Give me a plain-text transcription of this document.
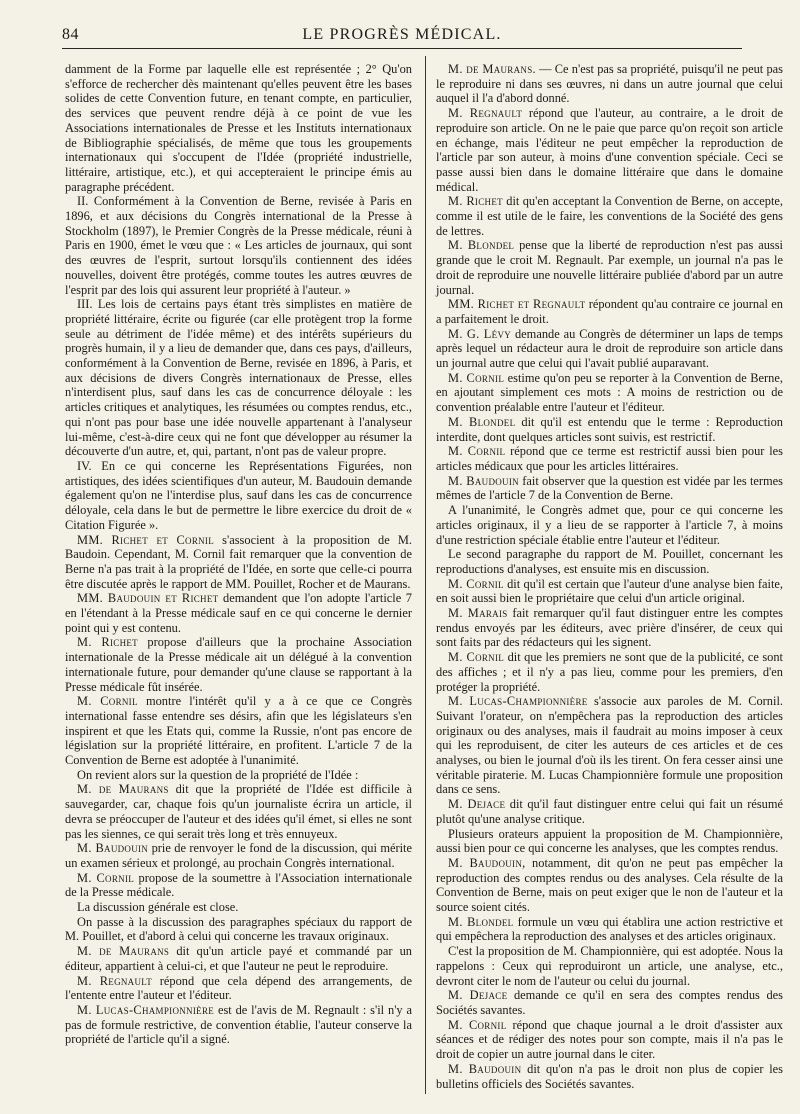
84	LE PROGRÈS MÉDICAL.

damment de la Forme par laquelle elle est représentée ; 2° Qu'on s'efforce de rechercher dès maintenant qu'elles peuvent être les bases solides de cette Convention future, en tenant compte, en particulier, des services que peuvent rendre déjà à ce point de vue les Associations internationales de Presse et les Instituts internationaux de Bibliographie spécialisés, de même que tous les groupements internationaux qui s'occupent de l'Idée (propriété industrielle, littéraire, artistique, etc.), et qui accepteraient le principe émis au paragraphe précédent.

II. Conformément à la Convention de Berne, revisée à Paris en 1896, et aux décisions du Congrès international de la Presse à Stockholm (1897), le Premier Congrès de la Presse médicale, réuni à Paris en 1900, émet le vœu que : « Les articles de journaux, qui sont des œuvres de l'esprit, surtout lorsqu'ils contiennent des idées nouvelles, doivent être protégés, comme toutes les autres œuvres de l'esprit par des lois qui assurent leur propriété à l'auteur. »

III. Les lois de certains pays étant très simplistes en matière de propriété littéraire, écrite ou figurée (car elle protègent trop la forme seule au détriment de l'idée même) et des intérêts supérieurs du progrès humain, il y a lieu de demander que, dans ces pays, d'ailleurs, conformément à la Convention de Berne, revisée en 1896, à Paris, et aux décisions de divers Congrès internationaux de Presse, elles n'interdisent plus, sauf dans les cas de concurrence déloyale : les articles critiques et analytiques, les résumées ou comptes rendus, etc., qui n'ont pas pour base une idée nouvelle appartenant à l'analyseur lui-même, c'est-à-dire ceux qui ne font que développer au résumer la découverte d'un autre, et, qui, partant, n'ont pas de valeur propre.

IV. En ce qui concerne les Représentations Figurées, non artistiques, des idées scientifiques d'un auteur, M. Baudouin demande également qu'on ne l'interdise plus, sauf dans les cas de concurrence déloyale, cela dans le but de permettre le libre exercice du droit de « Citation Figurée ».

MM. Richet et Cornil s'associent à la proposition de M. Baudoin. Cependant, M. Cornil fait remarquer que la convention de Berne n'a pas trait à la propriété de l'Idée, en sorte que celle-ci pourra être discutée après le rapport de MM. Pouillet, Rocher et de Maurans.

MM. Baudouin et Richet demandent que l'on adopte l'article 7 en l'étendant à la Presse médicale sauf en ce qui concerne le dernier point qui y est contenu.

M. Richet propose d'ailleurs que la prochaine Association internationale de la Presse médicale ait un délégué à la convention internationale future, pour demander qu'une clause se rapportant à la Presse médicale fût insérée.

M. Cornil montre l'intérêt qu'il y a à ce que ce Congrès international fasse entendre ses désirs, afin que les législateurs s'en inspirent et que les Etats qui, comme la Russie, n'ont pas encore de législation sur la propriété littéraire, en profitent. L'article 7 de la Convention de Berne est adoptée à l'unanimité.

On revient alors sur la question de la propriété de l'Idée :

M. de Maurans dit que la propriété de l'Idée est difficile à sauvegarder, car, chaque fois qu'un journaliste écrira un article, il devra se préoccuper de l'auteur et des idées qu'il émet, si elles ne sont pas les siennes, ce qui serait très long et très ennuyeux.

M. Baudouin prie de renvoyer le fond de la discussion, qui mérite un examen sérieux et prolongé, au prochain Congrès international.

M. Cornil propose de la soumettre à l'Association internationale de la Presse médicale.

La discussion générale est close.

On passe à la discussion des paragraphes spéciaux du rapport de M. Pouillet, et d'abord à celui qui concerne les travaux originaux.

M. de Maurans dit qu'un article payé et commandé par un éditeur, appartient à celui-ci, et que l'auteur ne peut le reproduire.

M. Regnault répond que cela dépend des arrangements, de l'entente entre l'auteur et l'éditeur.

M. Lucas-Championnière est de l'avis de M. Regnault : s'il n'y a pas de formule restrictive, de convention établie, l'auteur conserve la propriété de l'article qu'il a signé.

M. de Maurans. — Ce n'est pas sa propriété, puisqu'il ne peut pas le reproduire ni dans ses œuvres, ni dans un autre journal que celui auquel il l'a d'abord donné.

M. Regnault répond que l'auteur, au contraire, a le droit de reproduire son article. On ne le paie que parce qu'on reçoit son article en échange, mais l'éditeur ne peut empêcher la reproduction de l'article par son auteur, à moins d'une convention spéciale. Ceci se passe aussi bien dans le domaine littéraire que dans le domaine médical.

M. Richet dit qu'en acceptant la Convention de Berne, on accepte, comme il est utile de le faire, les conventions de la Société des gens de lettres.

M. Blondel pense que la liberté de reproduction n'est pas aussi grande que le croit M. Regnault. Par exemple, un journal n'a pas le droit de reproduire une nouvelle littéraire publiée d'abord par un autre journal.

MM. Richet et Regnault répondent qu'au contraire ce journal en a parfaitement le droit.

M. G. Lévy demande au Congrès de déterminer un laps de temps après lequel un rédacteur aura le droit de reproduire son article dans un journal autre que celui qui l'avait publié auparavant.

M. Cornil estime qu'on peu se reporter à la Convention de Berne, en ajoutant simplement ces mots : A moins de restriction ou de convention préalable entre l'auteur et l'éditeur.

M. Blondel dit qu'il est entendu que le terme : Reproduction interdite, dont quelques articles sont suivis, est restrictif.

M. Cornil répond que ce terme est restrictif aussi bien pour les articles médicaux que pour les articles littéraires.

M. Baudouin fait observer que la question est vidée par les termes mêmes de l'article 7 de la Convention de Berne.

A l'unanimité, le Congrès admet que, pour ce qui concerne les articles originaux, il y a lieu de se rapporter à l'article 7, à moins d'une restriction spéciale établie entre l'auteur et l'éditeur.

Le second paragraphe du rapport de M. Pouillet, concernant les reproductions d'analyses, est ensuite mis en discussion.

M. Cornil dit qu'il est certain que l'auteur d'une analyse bien faite, en soit aussi bien le propriétaire que celui d'un article original.

M. Marais fait remarquer qu'il faut distinguer entre les comptes rendus envoyés par les éditeurs, avec prière d'insérer, de ceux qui sont faits par des rédacteurs qui les signent.

M. Cornil dit que les premiers ne sont que de la publicité, ce sont des affiches ; et il n'y a pas lieu, comme pour les premiers, d'en protéger la propriété.

M. Lucas-Championnière s'associe aux paroles de M. Cornil. Suivant l'orateur, on n'empêchera pas la reproduction des articles originaux ou des analyses, mais il faudrait au moins imposer à ceux qui les reproduisent, de citer les auteurs de ces articles et de ces analyses, ou bien le journal d'où ils les tirent. On fera cesser ainsi une véritable piraterie. M. Lucas Championnière formule une proposition dans ce sens.

M. Dejace dit qu'il faut distinguer entre celui qui fait un résumé plutôt qu'une analyse critique.

Plusieurs orateurs appuient la proposition de M. Championnière, aussi bien pour ce qui concerne les analyses, que les comptes rendus.

M. Baudouin, notamment, dit qu'on ne peut pas empêcher la reproduction des comptes rendus ou des analyses. Cela résulte de la Convention de Berne, mais on peut exiger que le non de l'auteur et la source soient cités.

M. Blondel formule un vœu qui établira une action restrictive et qui empêchera la reproduction des analyses et des articles originaux.

C'est la proposition de M. Championnière, qui est adoptée. Nous la rappelons : Ceux qui reproduiront un article, une analyse, etc., devront citer le nom de l'auteur ou celui du journal.

M. Dejace demande ce qu'il en sera des comptes rendus des Sociétés savantes.

M. Cornil répond que chaque journal a le droit d'assister aux séances et de rédiger des notes pour son compte, mais il n'a pas le droit de copier un autre journal dans le citer.

M. Baudouin dit qu'on n'a pas le droit non plus de copier les bulletins officiels des Sociétés savantes.
